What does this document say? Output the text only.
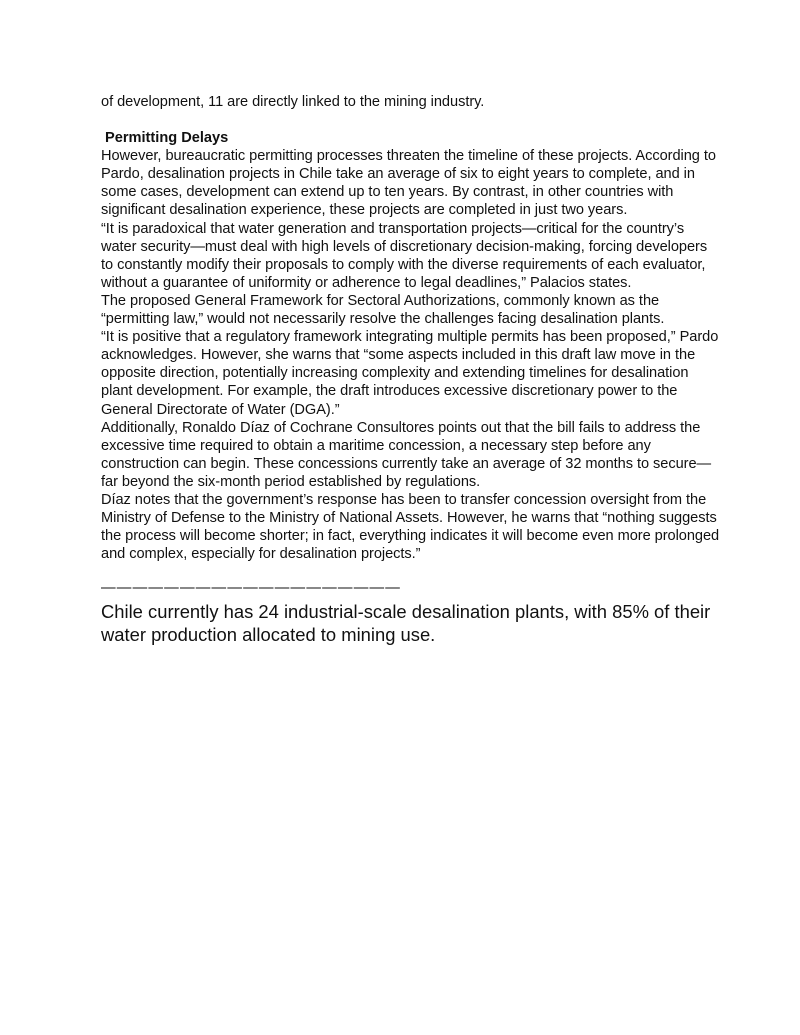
of development, 11 are directly linked to the mining industry.

Permitting Delays

However, bureaucratic permitting processes threaten the timeline of these projects. According to Pardo, desalination projects in Chile take an average of six to eight years to complete, and in some cases, development can extend up to ten years. By contrast, in other countries with significant desalination experience, these projects are completed in just two years.

“It is paradoxical that water generation and transportation projects—critical for the country’s water security—must deal with high levels of discretionary decision-making, forcing developers to constantly modify their proposals to comply with the diverse requirements of each evaluator, without a guarantee of uniformity or adherence to legal deadlines,” Palacios states.

The proposed General Framework for Sectoral Authorizations, commonly known as the “permitting law,” would not necessarily resolve the challenges facing desalination plants.

“It is positive that a regulatory framework integrating multiple permits has been proposed,” Pardo acknowledges. However, she warns that “some aspects included in this draft law move in the opposite direction, potentially increasing complexity and extending timelines for desalination plant development. For example, the draft introduces excessive discretionary power to the General Directorate of Water (DGA).”

Additionally, Ronaldo Díaz of Cochrane Consultores points out that the bill fails to address the excessive time required to obtain a maritime concession, a necessary step before any construction can begin. These concessions currently take an average of 32 months to secure—far beyond the six-month period established by regulations.

Díaz notes that the government’s response has been to transfer concession oversight from the Ministry of Defense to the Ministry of National Assets. However, he warns that “nothing suggests the process will become shorter; in fact, everything indicates it will become even more prolonged and complex, especially for desalination projects.”

———————————————————

Chile currently has 24 industrial-scale desalination plants, with 85% of their water production allocated to mining use.
